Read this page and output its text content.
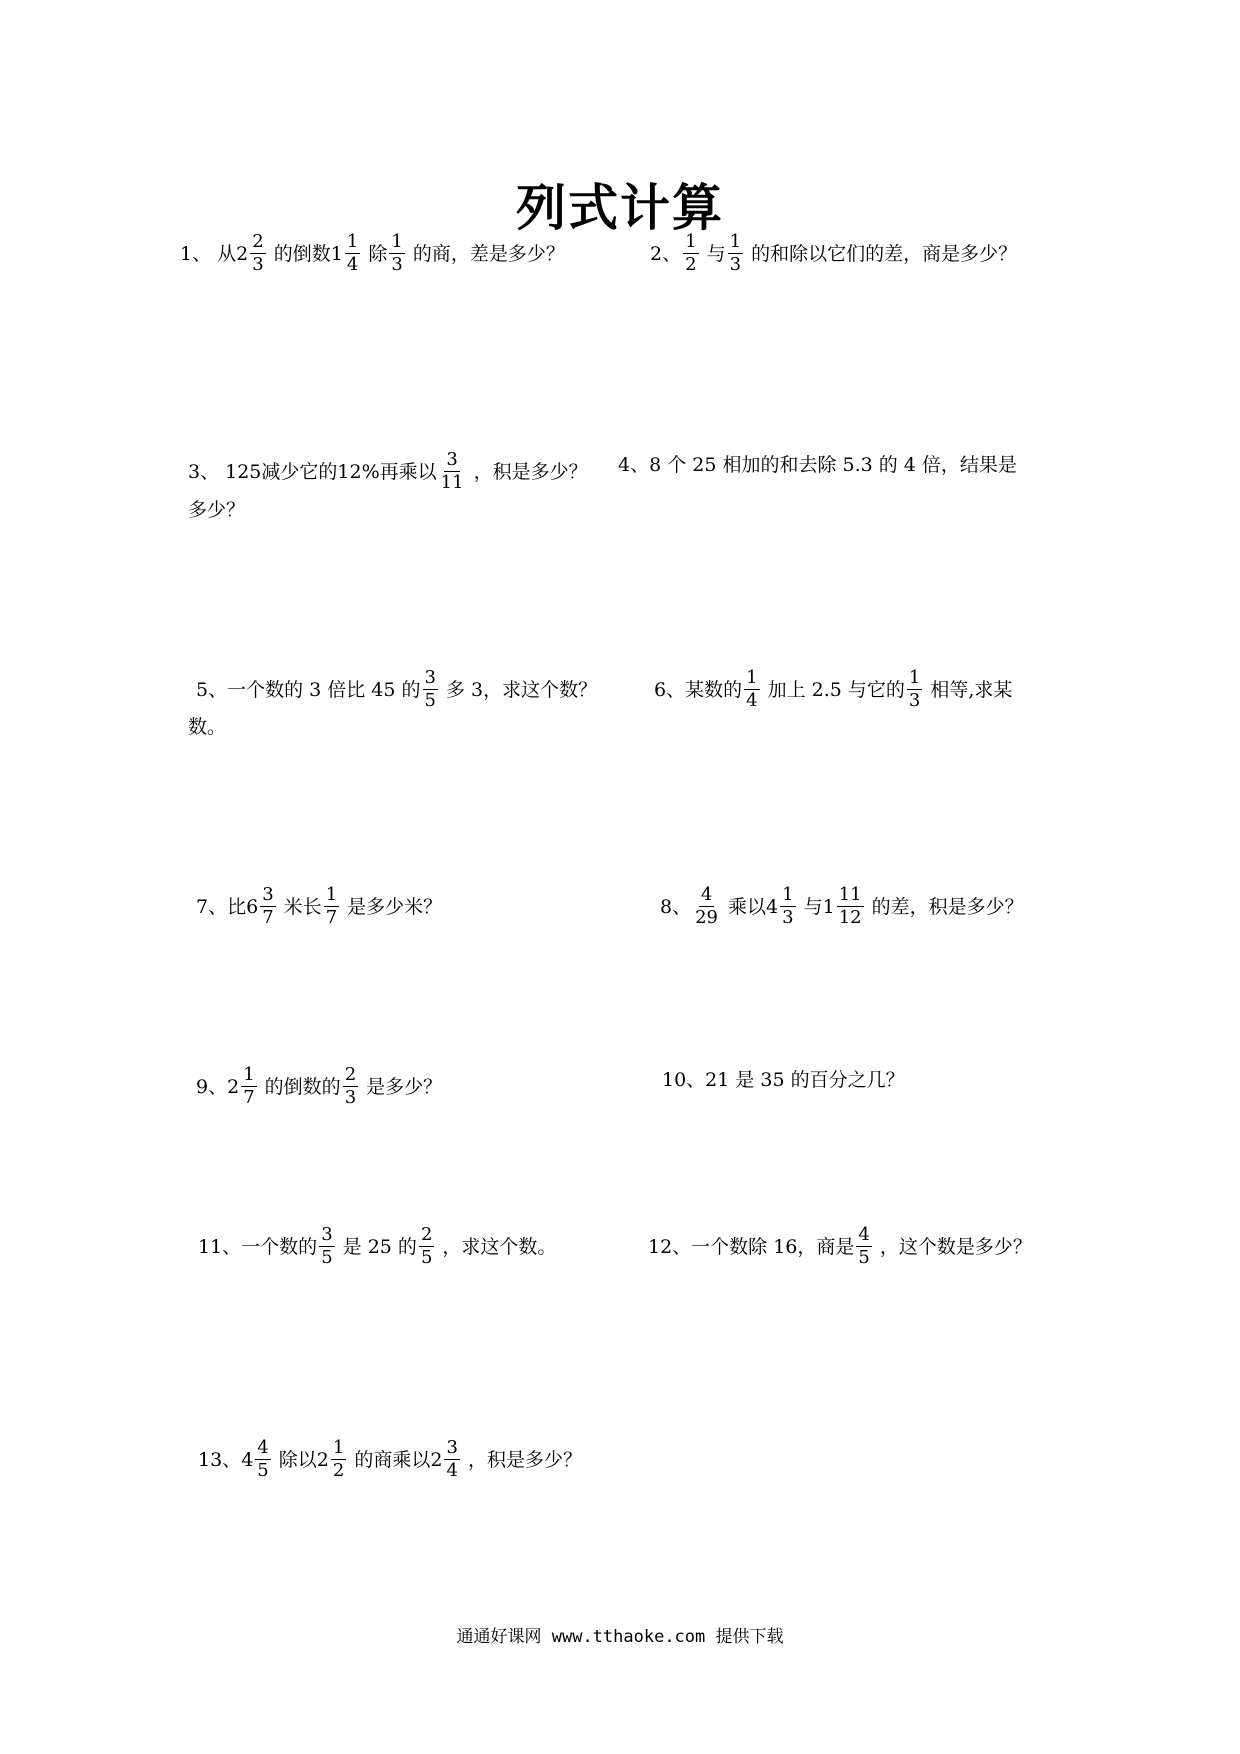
列式计算
1、 从 $2 \frac{2}{3}$ 的倒数 $1 \frac{1}{4}$ 除 $\frac{1}{3}$ 的商，差是多少？	2、 $\frac{1}{2}$ 与 $\frac{1}{3}$ 的和除以它们的差，商是多少？
3、 125减少它的12%再乘以 $\frac{3}{11}$ ，积是多少？ 4、8 个 25 相加的和去除 5.3 的 4 倍，结果是
多少？
5、一个数的 3 倍比 45 的 $\frac{3}{5}$ 多 3，求这个数？	6、某数的 $\frac{1}{4}$ 加上 2.5 与它的 $\frac{1}{3}$ 相等,求某
数。
7、比 $6 \frac{3}{7}$ 米长 $\frac{1}{7}$ 是多少米？	8、 $\frac{4}{29}$ 乘以 $4 \frac{1}{3}$ 与 $1 \frac{11}{12}$ 的差，积是多少？
9、 $2 \frac{1}{7}$ 的倒数的 $\frac{2}{3}$ 是多少？	10、21 是 35 的百分之几？
11、一个数的 $\frac{3}{5}$ 是 25 的 $\frac{2}{5}$ ，求这个数。	12、一个数除 16，商是 $\frac{4}{5}$ ，这个数是多少？
13、 $4 \frac{4}{5}$ 除以 $2 \frac{1}{2}$ 的商乘以 $2 \frac{3}{4}$ ，积是多少？
通通好课网 www.tthaoke.com 提供下载
